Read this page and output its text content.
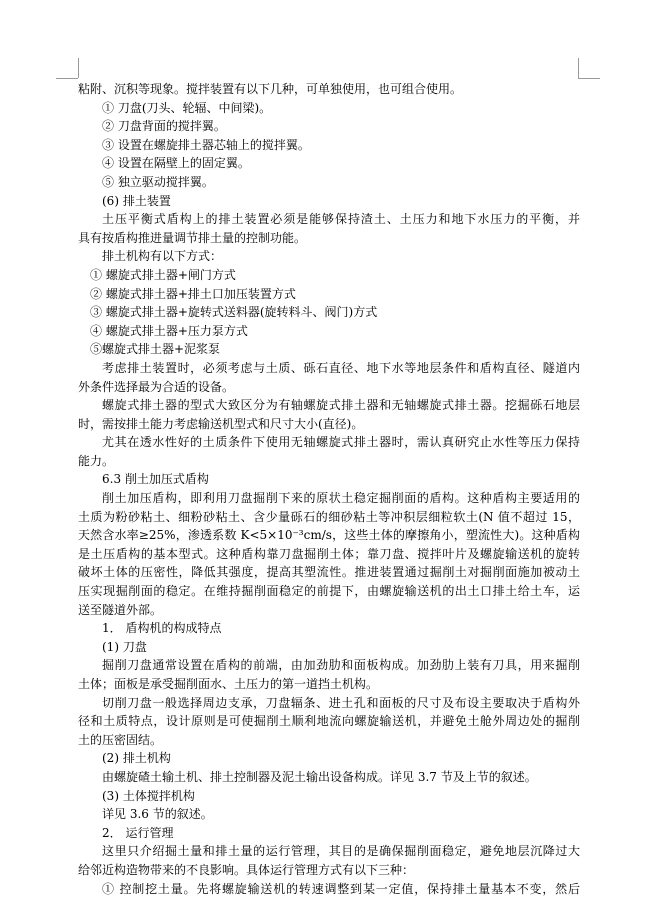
粘附、沉积等现象。搅拌装置有以下几种，可单独使用，也可组合使用。
① 刀盘(刀头、轮辐、中间梁)。
② 刀盘背面的搅拌翼。
③ 设置在螺旋排土器芯轴上的搅拌翼。
④ 设置在隔壁上的固定翼。
⑤ 独立驱动搅拌翼。
(6) 排土装置
土压平衡式盾构上的排土装置必须是能够保持渣土、土压力和地下水压力的平衡，并
具有按盾构推进量调节排土量的控制功能。
排土机构有以下方式：
① 螺旋式排土器+闸门方式
② 螺旋式排土器+排土口加压装置方式
③ 螺旋式排土器+旋转式送料器(旋转料斗、阀门)方式
④ 螺旋式排土器+压力泵方式
⑤螺旋式排土器+泥浆泵
考虑排土装置时，必须考虑与土质、砾石直径、地下水等地层条件和盾构直径、隧道内
外条件选择最为合适的设备。
螺旋式排土器的型式大致区分为有轴螺旋式排土器和无轴螺旋式排土器。挖掘砾石地层
时，需按排土能力考虑输送机型式和尺寸大小(直径)。
尤其在透水性好的土质条件下使用无轴螺旋式排土器时，需认真研究止水性等压力保持
能力。
6.3 削土加压式盾构
削土加压盾构，即利用刀盘掘削下来的原状土稳定掘削面的盾构。这种盾构主要适用的
土质为粉砂粘土、细粉砂粘土、含少量砾石的细砂粘土等冲积层细粒软土(N 值不超过 15，
天然含水率≥25%，渗透系数 K<5×10⁻³cm/s，这些土体的摩擦角小，塑流性大)。这种盾构
是土压盾构的基本型式。这种盾构靠刀盘掘削土体；靠刀盘、搅拌叶片及螺旋输送机的旋转
破坏土体的压密性，降低其强度，提高其塑流性。推进装置通过掘削土对掘削面施加被动土
压实现掘削面的稳定。在维持掘削面稳定的前提下，由螺旋输送机的出土口排土给土车，运
送至隧道外部。
1． 盾构机的构成特点
(1) 刀盘
掘削刀盘通常设置在盾构的前端，由加劲肋和面板构成。加劲肋上装有刀具，用来掘削
土体；面板是承受掘削面水、土压力的第一道挡土机构。
切削刀盘一般选择周边支承，刀盘辐条、进土孔和面板的尺寸及布设主要取决于盾构外
径和土质特点，设计原则是可使掘削土顺利地流向螺旋输送机，并避免土舱外周边处的掘削
土的压密固结。
(2) 排土机构
由螺旋碴土输土机、排土控制器及泥土输出设备构成。详见 3.7 节及上节的叙述。
(3) 土体搅拌机构
详见 3.6 节的叙述。
2． 运行管理
这里只介绍掘土量和排土量的运行管理，其目的是确保掘削面稳定，避免地层沉降过大
给邻近构造物带来的不良影响。具体运行管理方式有以下三种：
① 控制挖土量。先将螺旋输送机的转速调整到某一定值，保持排土量基本不变，然后
